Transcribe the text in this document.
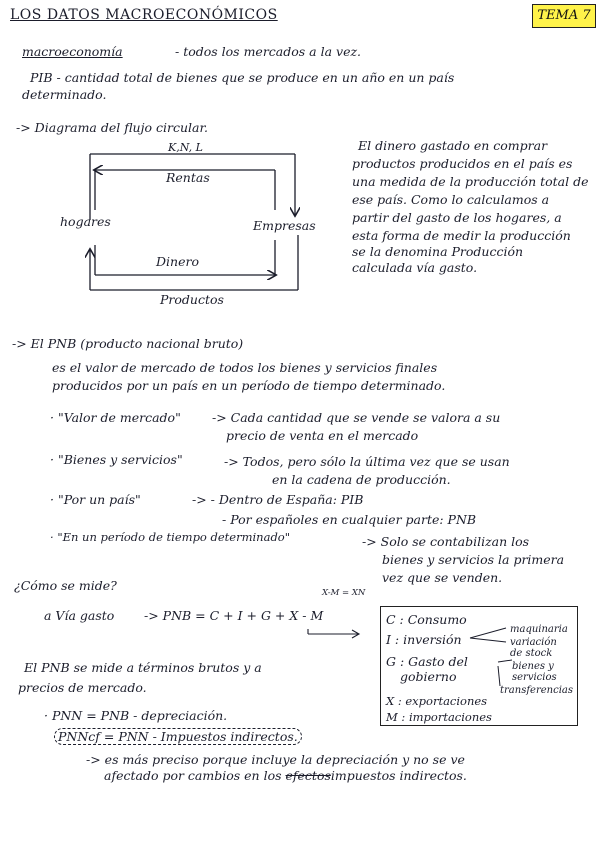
LOS DATOS MACROECONÓMICOS	TEMA 7
macroeconomía	- todos los mercados a la vez.
PIB - cantidad total de bienes que se produce en un año en un país
determinado.
-> Diagrama del flujo circular.
K,N, L
Rentas
hogares	Empresas
Dinero
Productos
El dinero gastado en comprar
productos producidos en el país es
una medida de la producción total de
ese país. Como lo calculamos a
partir del gasto de los hogares, a
esta forma de medir la producción
se la denomina Producción
calculada vía gasto.
-> El PNB (producto nacional bruto)
es el valor de mercado de todos los bienes y servicios finales
producidos por un país en un período de tiempo determinado.
· "Valor de mercado" -> Cada cantidad que se vende se valora a su
precio de venta en el mercado
· "Bienes y servicios"	-> Todos, pero sólo la última vez que se usan
en la cadena de producción.
· "Por un país"	-> - Dentro de España: PIB
- Por españoles en cualquier parte: PNB
· "En un período de tiempo determinado"	-> Solo se contabilizan los
bienes y servicios la primera
vez que se venden.
¿Cómo se mide?
a Vía gasto -> PNB = C + I + G + X - M
X-M = XN
C : Consumo
I : inversión
maquinaria
variación de stock
G : Gasto del
gobierno
bienes y servicios
transferencias
X : exportaciones
M : importaciones
El PNB se mide a términos brutos y a
precios de mercado.
· PNN = PNB - depreciación.
PNNcf = PNN - Impuestos indirectos.
-> es más preciso porque incluye la depreciación y no se ve
afectado por cambios en los efectosimpuestos indirectos.
